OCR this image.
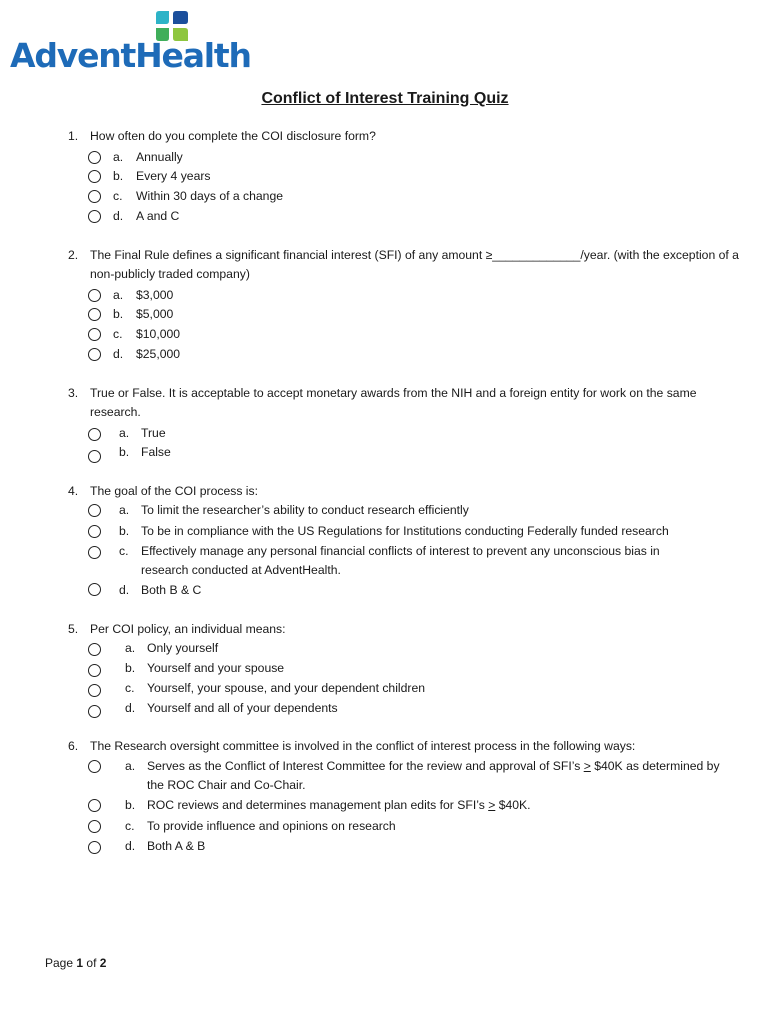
AdventHealth
Conflict of Interest Training Quiz
1. How often do you complete the COI disclosure form?
a. Annually
b. Every 4 years
c. Within 30 days of a change
d. A and C
2. The Final Rule defines a significant financial interest (SFI) of any amount ≥_____________/year. (with the exception of a non-publicly traded company)
a. $3,000
b. $5,000
c. $10,000
d. $25,000
3. True or False. It is acceptable to accept monetary awards from the NIH and a foreign entity for work on the same research.
a. True
b. False
4. The goal of the COI process is:
a. To limit the researcher’s ability to conduct research efficiently
b. To be in compliance with the US Regulations for Institutions conducting Federally funded research
c. Effectively manage any personal financial conflicts of interest to prevent any unconscious bias in research conducted at AdventHealth.
d. Both B & C
5. Per COI policy, an individual means:
a. Only yourself
b. Yourself and your spouse
c. Yourself, your spouse, and your dependent children
d. Yourself and all of your dependents
6. The Research oversight committee is involved in the conflict of interest process in the following ways:
a. Serves as the Conflict of Interest Committee for the review and approval of SFI’s > $40K as determined by the ROC Chair and Co-Chair.
b. ROC reviews and determines management plan edits for SFI’s > $40K.
c. To provide influence and opinions on research
d. Both A & B
Page 1 of 2
